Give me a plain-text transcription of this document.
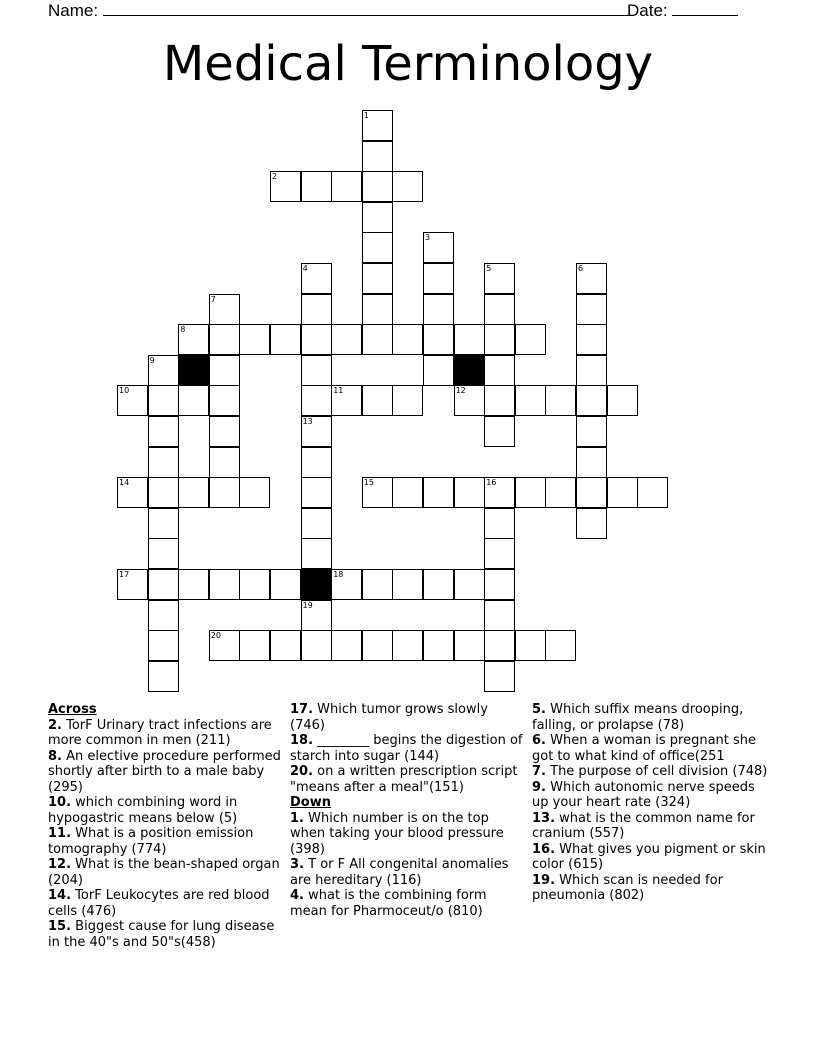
Name:	Date:
Medical Terminology
2
8
10	11	12
14	15	16
17	18
20
1
3
4	5	6
7
9
13
19
Across
2. TorF Urinary tract infections are more common in men (211)
8. An elective procedure performed shortly after birth to a male baby (295)
10. which combining word in hypogastric means below (5)
11. What is a position emission tomography (774)
12. What is the bean-shaped organ (204)
14. TorF Leukocytes are red blood cells (476)
15. Biggest cause for lung disease in the 40"s and 50"s(458)
17. Which tumor grows slowly (746)
18. ________ begins the digestion of starch into sugar (144)
20. on a written prescription script "means after a meal"(151)
Down
1. Which number is on the top when taking your blood pressure (398)
3. T or F All congenital anomalies are hereditary (116)
4. what is the combining form mean for Pharmoceut/o (810)
5. Which suffix means drooping, falling, or prolapse (78)
6. When a woman is pregnant she got to what kind of office(251
7. The purpose of cell division (748)
9. Which autonomic nerve speeds up your heart rate (324)
13. what is the common name for cranium (557)
16. What gives you pigment or skin color (615)
19. Which scan is needed for pneumonia (802)
